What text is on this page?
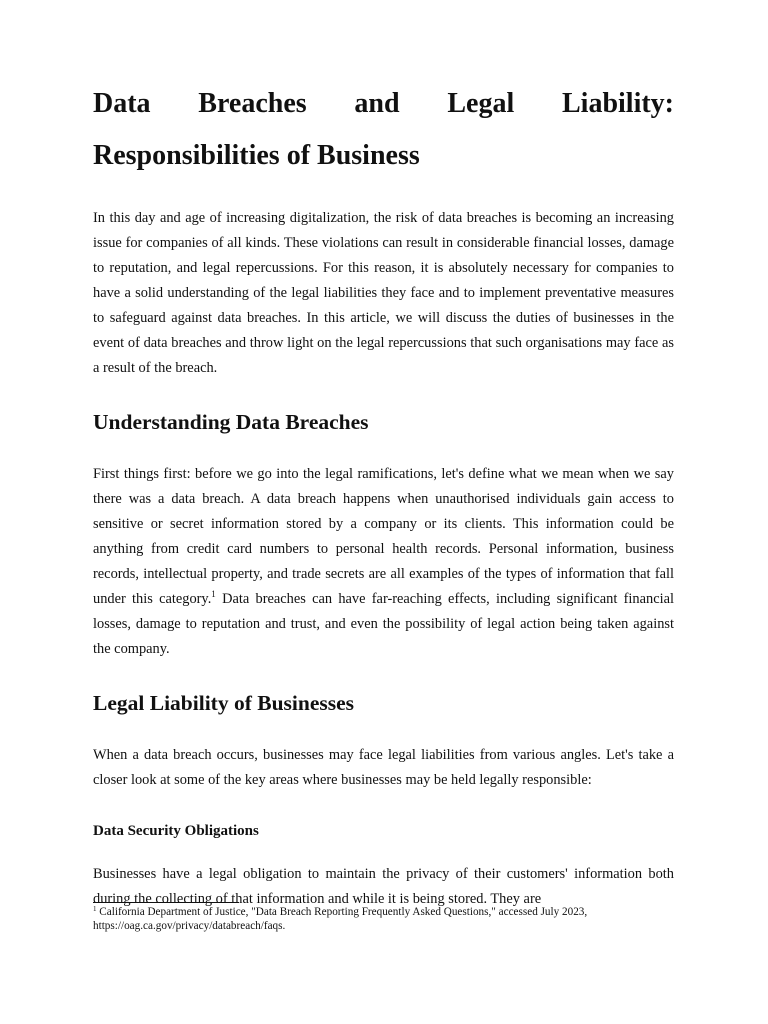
Data Breaches and Legal Liability:
Responsibilities of Business

In this day and age of increasing digitalization, the risk of data breaches is becoming an increasing issue for companies of all kinds. These violations can result in considerable financial losses, damage to reputation, and legal repercussions. For this reason, it is absolutely necessary for companies to have a solid understanding of the legal liabilities they face and to implement preventative measures to safeguard against data breaches. In this article, we will discuss the duties of businesses in the event of data breaches and throw light on the legal repercussions that such organisations may face as a result of the breach.

Understanding Data Breaches

First things first: before we go into the legal ramifications, let's define what we mean when we say there was a data breach. A data breach happens when unauthorised individuals gain access to sensitive or secret information stored by a company or its clients. This information could be anything from credit card numbers to personal health records. Personal information, business records, intellectual property, and trade secrets are all examples of the types of information that fall under this category.$^1$ Data breaches can have far-reaching effects, including significant financial losses, damage to reputation and trust, and even the possibility of legal action being taken against the company.

Legal Liability of Businesses

When a data breach occurs, businesses may face legal liabilities from various angles. Let's take a closer look at some of the key areas where businesses may be held legally responsible:

Data Security Obligations

Businesses have a legal obligation to maintain the privacy of their customers' information both during the collecting of that information and while it is being stored. They are

$^1$ California Department of Justice, "Data Breach Reporting Frequently Asked Questions," accessed July 2023, https://oag.ca.gov/privacy/databreach/faqs.
